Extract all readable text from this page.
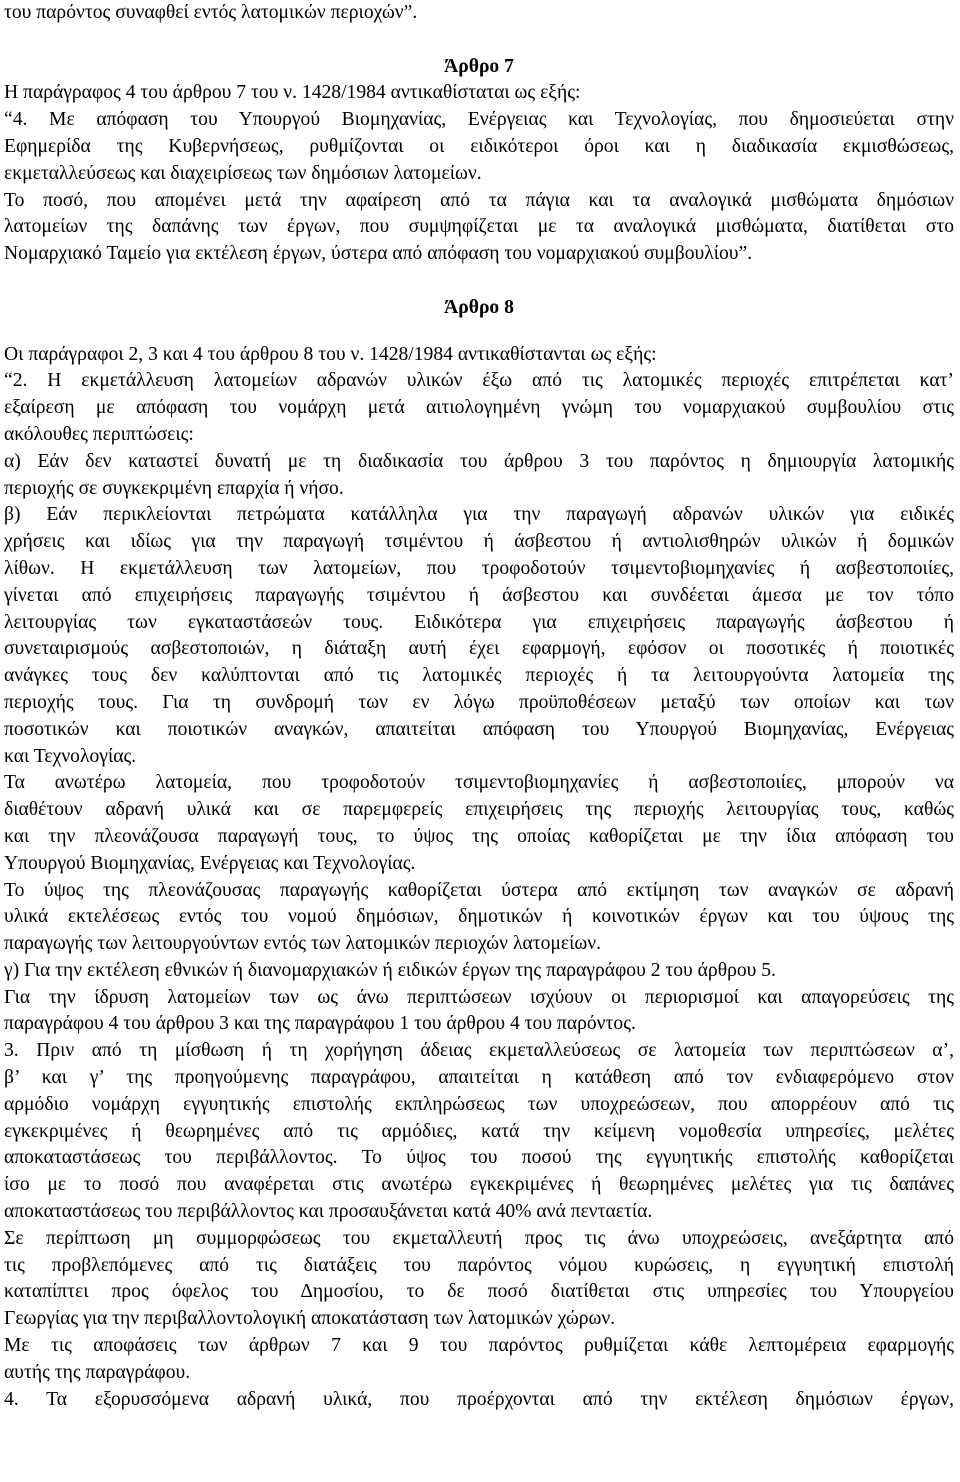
του παρόντος συναφθεί εντός λατομικών περιοχών”.
Άρθρο 7
Η παράγραφος 4 του άρθρου 7 του ν. 1428/1984 αντικαθίσταται ως εξής:
“4. Με απόφαση του Υπουργού Βιομηχανίας, Ενέργειας και Τεχνολογίας, που δημοσιεύεται στην
Εφημερίδα της Κυβερνήσεως, ρυθμίζονται οι ειδικότεροι όροι και η διαδικασία εκμισθώσεως,
εκμεταλλεύσεως και διαχειρίσεως των δημόσιων λατομείων.
Το ποσό, που απομένει μετά την αφαίρεση από τα πάγια και τα αναλογικά μισθώματα δημόσιων
λατομείων της δαπάνης των έργων, που συμψηφίζεται με τα αναλογικά μισθώματα, διατίθεται στο
Νομαρχιακό Ταμείο για εκτέλεση έργων, ύστερα από απόφαση του νομαρχιακού συμβουλίου”.
Άρθρο 8
Οι παράγραφοι 2, 3 και 4 του άρθρου 8 του ν. 1428/1984 αντικαθίστανται ως εξής:
“2. Η εκμετάλλευση λατομείων αδρανών υλικών έξω από τις λατομικές περιοχές επιτρέπεται κατ’
εξαίρεση με απόφαση του νομάρχη μετά αιτιολογημένη γνώμη του νομαρχιακού συμβουλίου στις
ακόλουθες περιπτώσεις:
α) Εάν δεν καταστεί δυνατή με τη διαδικασία του άρθρου 3 του παρόντος η δημιουργία λατομικής
περιοχής σε συγκεκριμένη επαρχία ή νήσο.
β) Εάν περικλείονται πετρώματα κατάλληλα για την παραγωγή αδρανών υλικών για ειδικές
χρήσεις και ιδίως για την παραγωγή τσιμέντου ή άσβεστου ή αντιολισθηρών υλικών ή δομικών
λίθων. Η εκμετάλλευση των λατομείων, που τροφοδοτούν τσιμεντοβιομηχανίες ή ασβεστοποιίες,
γίνεται από επιχειρήσεις παραγωγής τσιμέντου ή άσβεστου και συνδέεται άμεσα με τον τόπο
λειτουργίας των εγκαταστάσεών τους. Ειδικότερα για επιχειρήσεις παραγωγής άσβεστου ή
συνεταιρισμούς ασβεστοποιών, η διάταξη αυτή έχει εφαρμογή, εφόσον οι ποσοτικές ή ποιοτικές
ανάγκες τους δεν καλύπτονται από τις λατομικές περιοχές ή τα λειτουργούντα λατομεία της
περιοχής τους. Για τη συνδρομή των εν λόγω προϋποθέσεων μεταξύ των οποίων και των
ποσοτικών και ποιοτικών αναγκών, απαιτείται απόφαση του Υπουργού Βιομηχανίας, Ενέργειας
και Τεχνολογίας.
Τα ανωτέρω λατομεία, που τροφοδοτούν τσιμεντοβιομηχανίες ή ασβεστοποιίες, μπορούν να
διαθέτουν αδρανή υλικά και σε παρεμφερείς επιχειρήσεις της περιοχής λειτουργίας τους, καθώς
και την πλεονάζουσα παραγωγή τους, το ύψος της οποίας καθορίζεται με την ίδια απόφαση του
Υπουργού Βιομηχανίας, Ενέργειας και Τεχνολογίας.
Το ύψος της πλεονάζουσας παραγωγής καθορίζεται ύστερα από εκτίμηση των αναγκών σε αδρανή
υλικά εκτελέσεως εντός του νομού δημόσιων, δημοτικών ή κοινοτικών έργων και του ύψους της
παραγωγής των λειτουργούντων εντός των λατομικών περιοχών λατομείων.
γ) Για την εκτέλεση εθνικών ή διανομαρχιακών ή ειδικών έργων της παραγράφου 2 του άρθρου 5.
Για την ίδρυση λατομείων των ως άνω περιπτώσεων ισχύουν οι περιορισμοί και απαγορεύσεις της
παραγράφου 4 του άρθρου 3 και της παραγράφου 1 του άρθρου 4 του παρόντος.
3. Πριν από τη μίσθωση ή τη χορήγηση άδειας εκμεταλλεύσεως σε λατομεία των περιπτώσεων α’,
β’ και γ’ της προηγούμενης παραγράφου, απαιτείται η κατάθεση από τον ενδιαφερόμενο στον
αρμόδιο νομάρχη εγγυητικής επιστολής εκπληρώσεως των υποχρεώσεων, που απορρέουν από τις
εγκεκριμένες ή θεωρημένες από τις αρμόδιες, κατά την κείμενη νομοθεσία υπηρεσίες, μελέτες
αποκαταστάσεως του περιβάλλοντος. Το ύψος του ποσού της εγγυητικής επιστολής καθορίζεται
ίσο με το ποσό που αναφέρεται στις ανωτέρω εγκεκριμένες ή θεωρημένες μελέτες για τις δαπάνες
αποκαταστάσεως του περιβάλλοντος και προσαυξάνεται κατά 40% ανά πενταετία.
Σε περίπτωση μη συμμορφώσεως του εκμεταλλευτή προς τις άνω υποχρεώσεις, ανεξάρτητα από
τις προβλεπόμενες από τις διατάξεις του παρόντος νόμου κυρώσεις, η εγγυητική επιστολή
καταπίπτει προς όφελος του Δημοσίου, το δε ποσό διατίθεται στις υπηρεσίες του Υπουργείου
Γεωργίας για την περιβαλλοντολογική αποκατάσταση των λατομικών χώρων.
Με τις αποφάσεις των άρθρων 7 και 9 του παρόντος ρυθμίζεται κάθε λεπτομέρεια εφαρμογής
αυτής της παραγράφου.
4. Τα εξορυσσόμενα αδρανή υλικά, που προέρχονται από την εκτέλεση δημόσιων έργων,
